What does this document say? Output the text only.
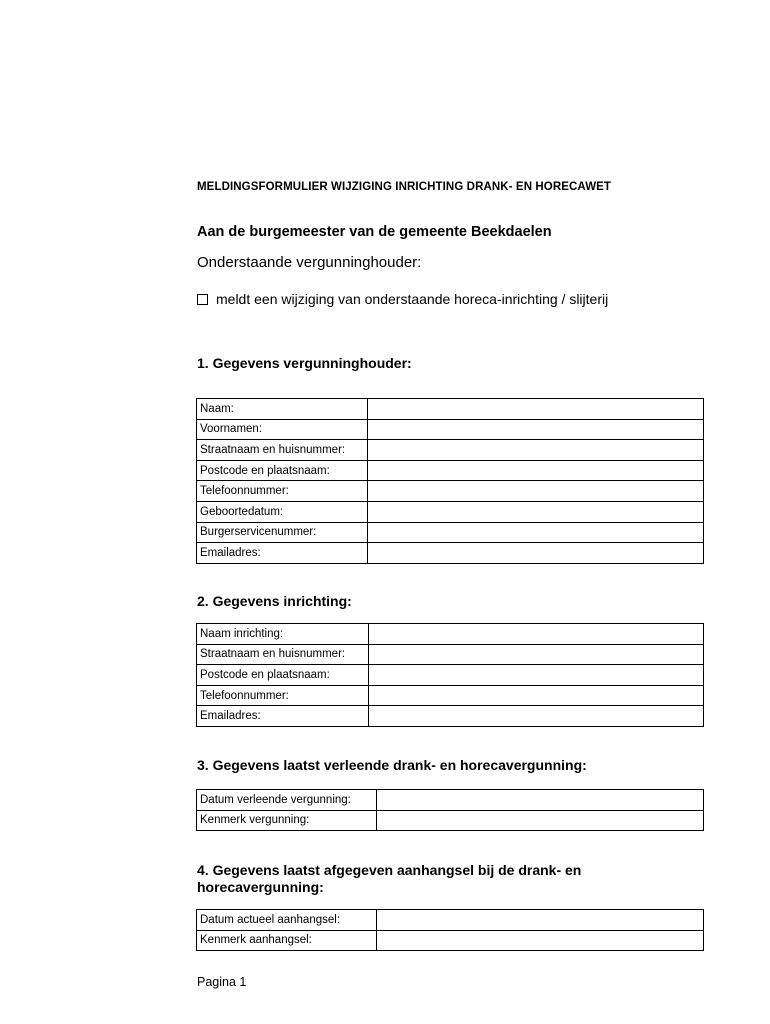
MELDINGSFORMULIER WIJZIGING INRICHTING DRANK- EN HORECAWET
Aan de burgemeester van de gemeente Beekdaelen
Onderstaande vergunninghouder:
meldt een wijziging van onderstaande horeca-inrichting / slijterij
1. Gegevens vergunninghouder:
Naam:	
Voornamen:	
Straatnaam en huisnummer:	
Postcode en plaatsnaam:	
Telefoonnummer:	
Geboortedatum:	
Burgerservicenummer:	
Emailadres:	
2. Gegevens inrichting:
Naam inrichting:	
Straatnaam en huisnummer:	
Postcode en plaatsnaam:	
Telefoonnummer:	
Emailadres:	
3. Gegevens laatst verleende drank- en horecavergunning:
Datum verleende vergunning:	
Kenmerk vergunning:	
4. Gegevens laatst afgegeven aanhangsel bij de drank- en
horecavergunning:
Datum actueel aanhangsel:	
Kenmerk aanhangsel:	
Pagina 1
